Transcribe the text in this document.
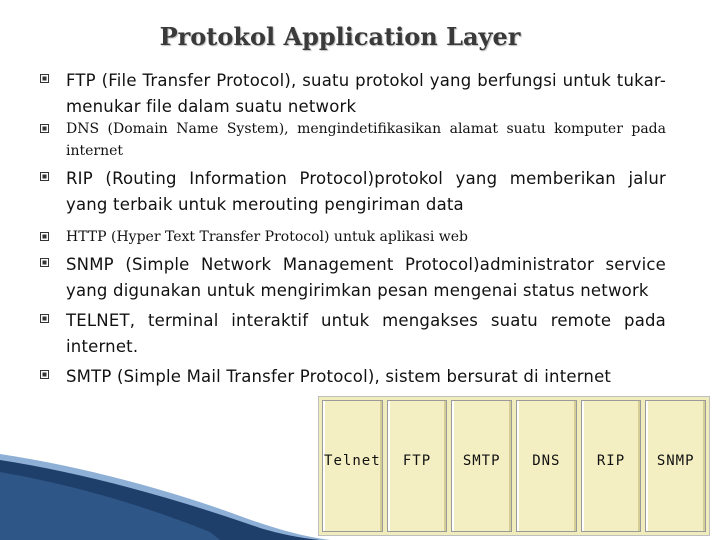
Protokol Application Layer
FTP (File Transfer Protocol), suatu protokol yang berfungsi untuk tukar-menukar file dalam suatu network
DNS (Domain Name System), mengindetifikasikan alamat suatu komputer pada internet
RIP (Routing Information Protocol)protokol yang memberikan jalur yang terbaik untuk merouting pengiriman data
HTTP (Hyper Text Transfer Protocol) untuk aplikasi web
SNMP (Simple Network Management Protocol)administrator service yang digunakan untuk mengirimkan pesan mengenai status network
TELNET, terminal interaktif untuk mengakses suatu remote pada internet.
SMTP (Simple Mail Transfer Protocol), sistem bersurat di internet
Telnet	FTP	SMTP	DNS	RIP	SNMP
